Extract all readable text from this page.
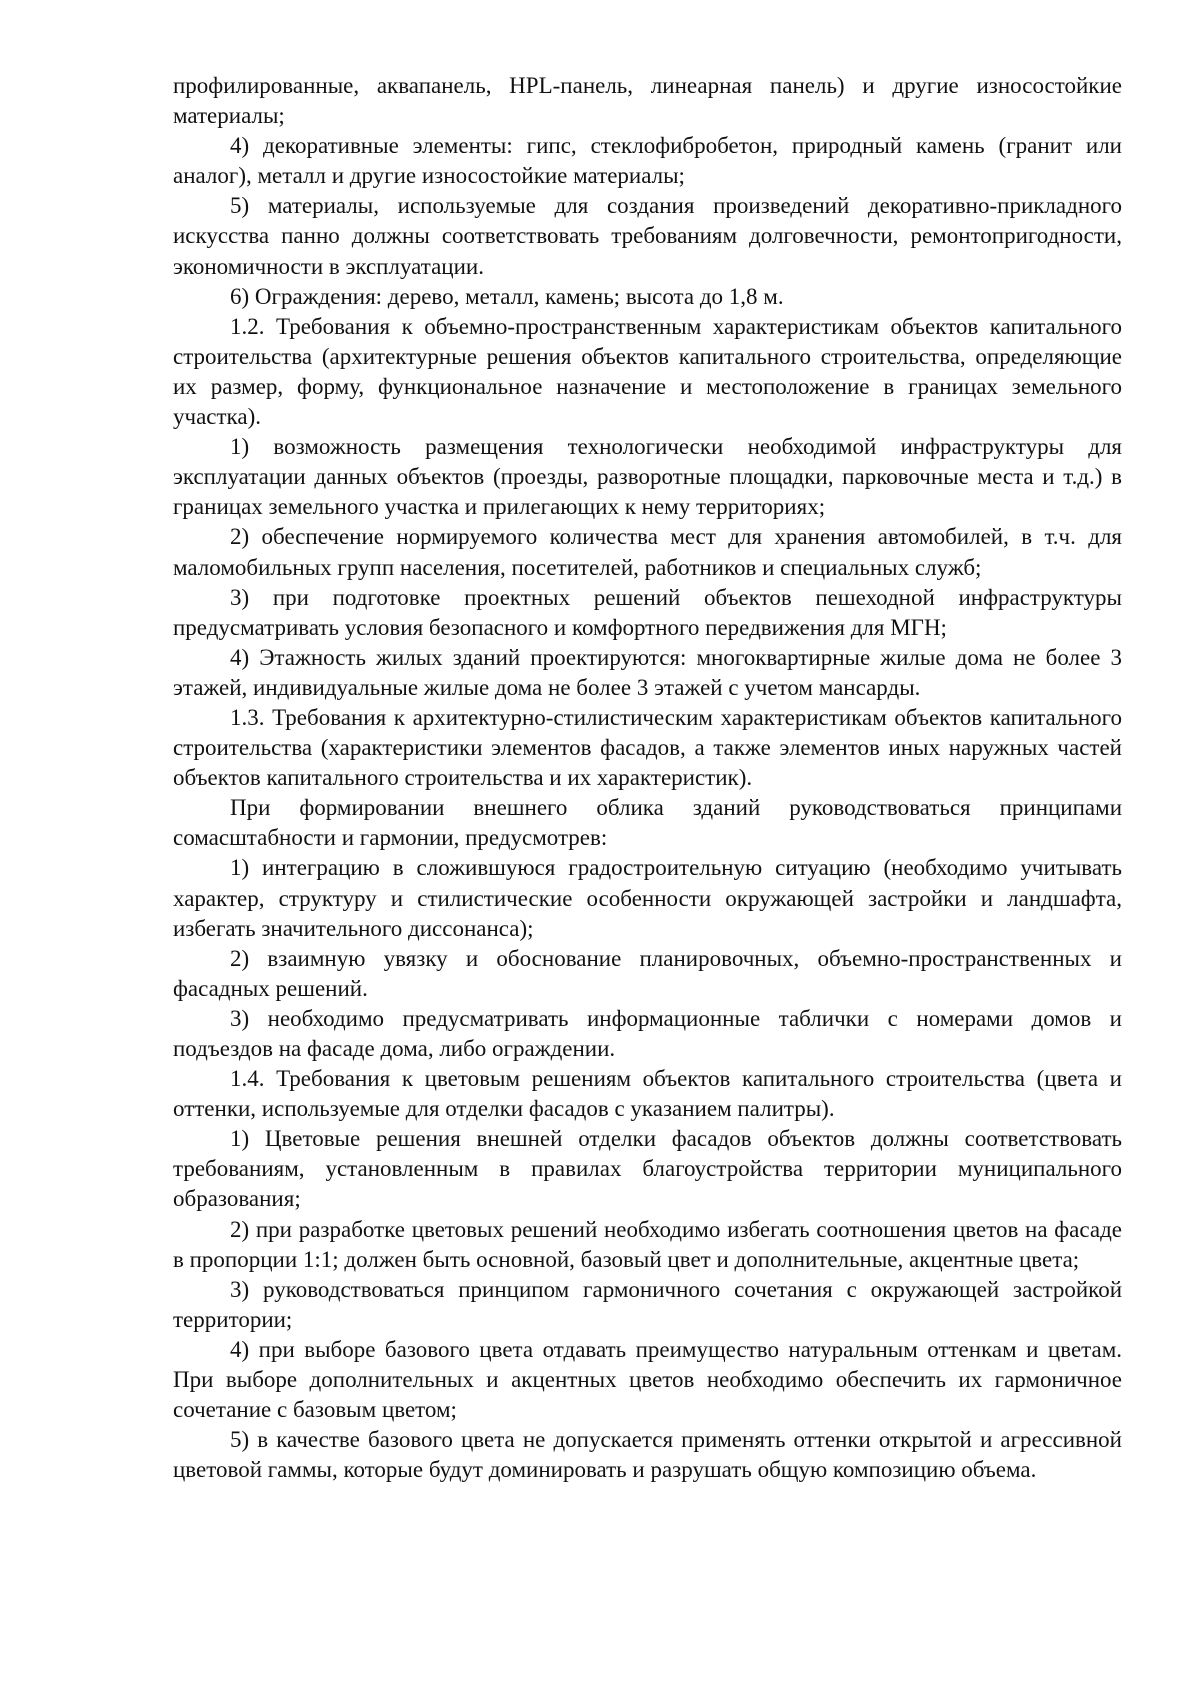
профилированные, аквапанель, HPL-панель, линеарная панель) и другие износостойкие материалы;

4) декоративные элементы: гипс, стеклофибробетон, природный камень (гранит или аналог), металл и другие износостойкие материалы;

5) материалы, используемые для создания произведений декоративно-прикладного искусства панно должны соответствовать требованиям долговечности, ремонтопригодности, экономичности в эксплуатации.

6) Ограждения: дерево, металл, камень; высота до 1,8 м.

1.2. Требования к объемно-пространственным характеристикам объектов капитального строительства (архитектурные решения объектов капитального строительства, определяющие их размер, форму, функциональное назначение и местоположение в границах земельного участка).

1) возможность размещения технологически необходимой инфраструктуры для эксплуатации данных объектов (проезды, разворотные площадки, парковочные места и т.д.) в границах земельного участка и прилегающих к нему территориях;

2) обеспечение нормируемого количества мест для хранения автомобилей, в т.ч. для маломобильных групп населения, посетителей, работников и специальных служб;

3) при подготовке проектных решений объектов пешеходной инфраструктуры предусматривать условия безопасного и комфортного передвижения для МГН;

4) Этажность жилых зданий проектируются: многоквартирные жилые дома не более 3 этажей, индивидуальные жилые дома не более 3 этажей с учетом мансарды.

1.3. Требования к архитектурно-стилистическим характеристикам объектов капитального строительства (характеристики элементов фасадов, а также элементов иных наружных частей объектов капитального строительства и их характеристик).

При формировании внешнего облика зданий руководствоваться принципами сомасштабности и гармонии, предусмотрев:

1) интеграцию в сложившуюся градостроительную ситуацию (необходимо учитывать характер, структуру и стилистические особенности окружающей застройки и ландшафта, избегать значительного диссонанса);

2) взаимную увязку и обоснование планировочных, объемно-пространственных и фасадных решений.

3) необходимо предусматривать информационные таблички с номерами домов и подъездов на фасаде дома, либо ограждении.

1.4. Требования к цветовым решениям объектов капитального строительства (цвета и оттенки, используемые для отделки фасадов с указанием палитры).

1) Цветовые решения внешней отделки фасадов объектов должны соответствовать требованиям, установленным в правилах благоустройства территории муниципального образования;

2) при разработке цветовых решений необходимо избегать соотношения цветов на фасаде в пропорции 1:1; должен быть основной, базовый цвет и дополнительные, акцентные цвета;

3) руководствоваться принципом гармоничного сочетания с окружающей застройкой территории;

4) при выборе базового цвета отдавать преимущество натуральным оттенкам и цветам. При выборе дополнительных и акцентных цветов необходимо обеспечить их гармоничное сочетание с базовым цветом;

5) в качестве базового цвета не допускается применять оттенки открытой и агрессивной цветовой гаммы, которые будут доминировать и разрушать общую композицию объема.
